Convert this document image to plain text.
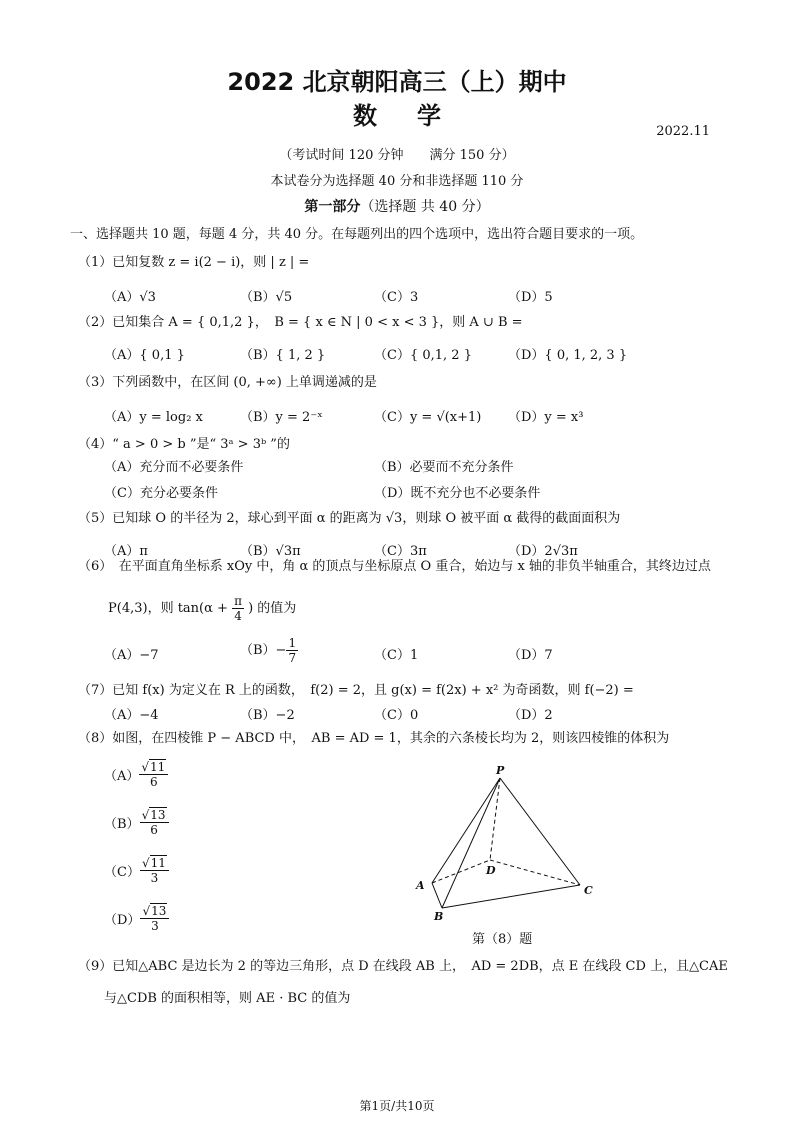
2022 北京朝阳高三（上）期中
数学
2022.11
（考试时间 120 分钟　　满分 150 分）
本试卷分为选择题 40 分和非选择题 110 分
第一部分（选择题 共 40 分）
一、选择题共 10 题，每题 4 分，共 40 分。在每题列出的四个选项中，选出符合题目要求的一项。
（1）已知复数 z = i(2 − i)，则 | z | =
（A）√3	（B）√5	（C）3	（D）5
（2）已知集合 A = { 0,1,2 }，　B = { x ∈ N | 0 < x < 3 }，则 A ∪ B =
（A）{ 0,1 }	（B）{ 1, 2 }	（C）{ 0,1, 2 }	（D）{ 0, 1, 2, 3 }
（3）下列函数中，在区间 (0, +∞) 上单调递减的是
（A）y = log₂ x	（B）y = 2⁻ˣ	（C）y = √(x+1) （D）y = x³
（4）“ a > 0 > b ”是“ 3ᵃ > 3ᵇ ”的
（A）充分而不必要条件	（B）必要而不充分条件
（C）充分必要条件	（D）既不充分也不必要条件
（5）已知球 O 的半径为 2，球心到平面 α 的距离为 √3，则球 O 被平面 α 截得的截面面积为
（A）π	（B）√3π	（C）3π	（D）2√3π
（6）　在平面直角坐标系 xOy 中，角 α 的顶点与坐标原点 O 重合，始边与 x 轴的非负半轴重合，其终边过点
P(4,3)，则 $\tan(\alpha + \frac{\pi}{4}$ ) 的值为
（A）−7	$(B)- \frac{1}{7}$	（C）1	（D）7
（7）已知 f(x) 为定义在 R 上的函数，　f(2) = 2，且 g(x) = f(2x) + x² 为奇函数，则 f(−2) =
（A）−4	（B）−2	（C）0	（D）2
（8）如图，在四棱锥 P − ABCD 中，　AB = AD = 1，其余的六条棱长均为 2，则该四棱锥的体积为
$(A) \frac{√11}{6}$
$(B) \frac{√13}{6}$
$(C) \frac{√11}{3}$
$(D) \frac{√13}{3}$
P
A
B
C
D
第（8）题
（9）已知△ABC 是边长为 2 的等边三角形，点 D 在线段 AB 上，　AD = 2DB，点 E 在线段 CD 上，且△CAE
与△CDB 的面积相等，则 AE · BC 的值为
第1页/共10页
